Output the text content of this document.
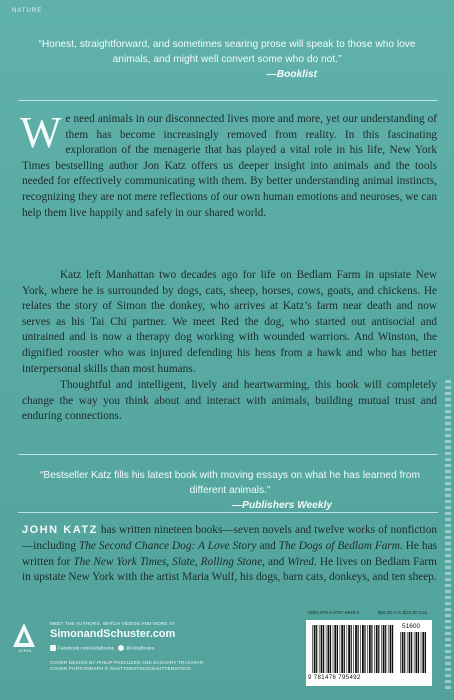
NATURE
“Honest, straightforward, and sometimes searing prose will speak to those who love animals, and might well convert some who do not.”
—Booklist

We need animals in our disconnected lives more and more, yet our understanding of them has become increasingly removed from reality. In this fascinating exploration of the menagerie that has played a vital role in his life, New York Times bestselling author Jon Katz offers us deeper insight into animals and the tools needed for effectively communicating with them. By better understanding animal instincts, recognizing they are not mere reflections of our own human emotions and neuroses, we can help them live happily and safely in our shared world.

Katz left Manhattan two decades ago for life on Bedlam Farm in upstate New York, where he is surrounded by dogs, cats, sheep, horses, cows, goats, and chickens. He relates the story of Simon the donkey, who arrives at Katz’s farm near death and now serves as his Tai Chi partner. We meet Red the dog, who started out antisocial and untrained and is now a therapy dog working with wounded warriors. And Winston, the dignified rooster who was injured defending his hens from a hawk and who has better interpersonal skills than most humans.

Thoughtful and intelligent, lively and heartwarming, this book will completely change the way you think about and interact with animals, building mutual trust and enduring connections.

“Bestseller Katz fills his latest book with moving essays on what he has learned from different animals.”
—Publishers Weekly

JOHN KATZ has written nineteen books—seven novels and twelve works of nonfiction—including The Second Chance Dog: A Love Story and The Dogs of Bedlam Farm. He has written for The New York Times, Slate, Rolling Stone, and Wired. He lives on Bedlam Farm in upstate New York with the artist Maria Wulf, his dogs, barn cats, donkeys, and ten sheep.

ATRIA
MEET THE AUTHORS, WATCH VIDEOS AND MORE AT
SimonandSchuster.com
Facebook.com/AtriaBooks	@AtriaBooks
COVER DESIGN BY PHILIP PASCUZZO AND ZACHARY TRACHIAN
COVER PHOTOGRAPH © SHUTTERSTOCK/SHUTTERSTOCK
ISBN 978-1-4767-9549-2	$16.00 U.S./$22.00 Can.
51600
9 781476 795492
